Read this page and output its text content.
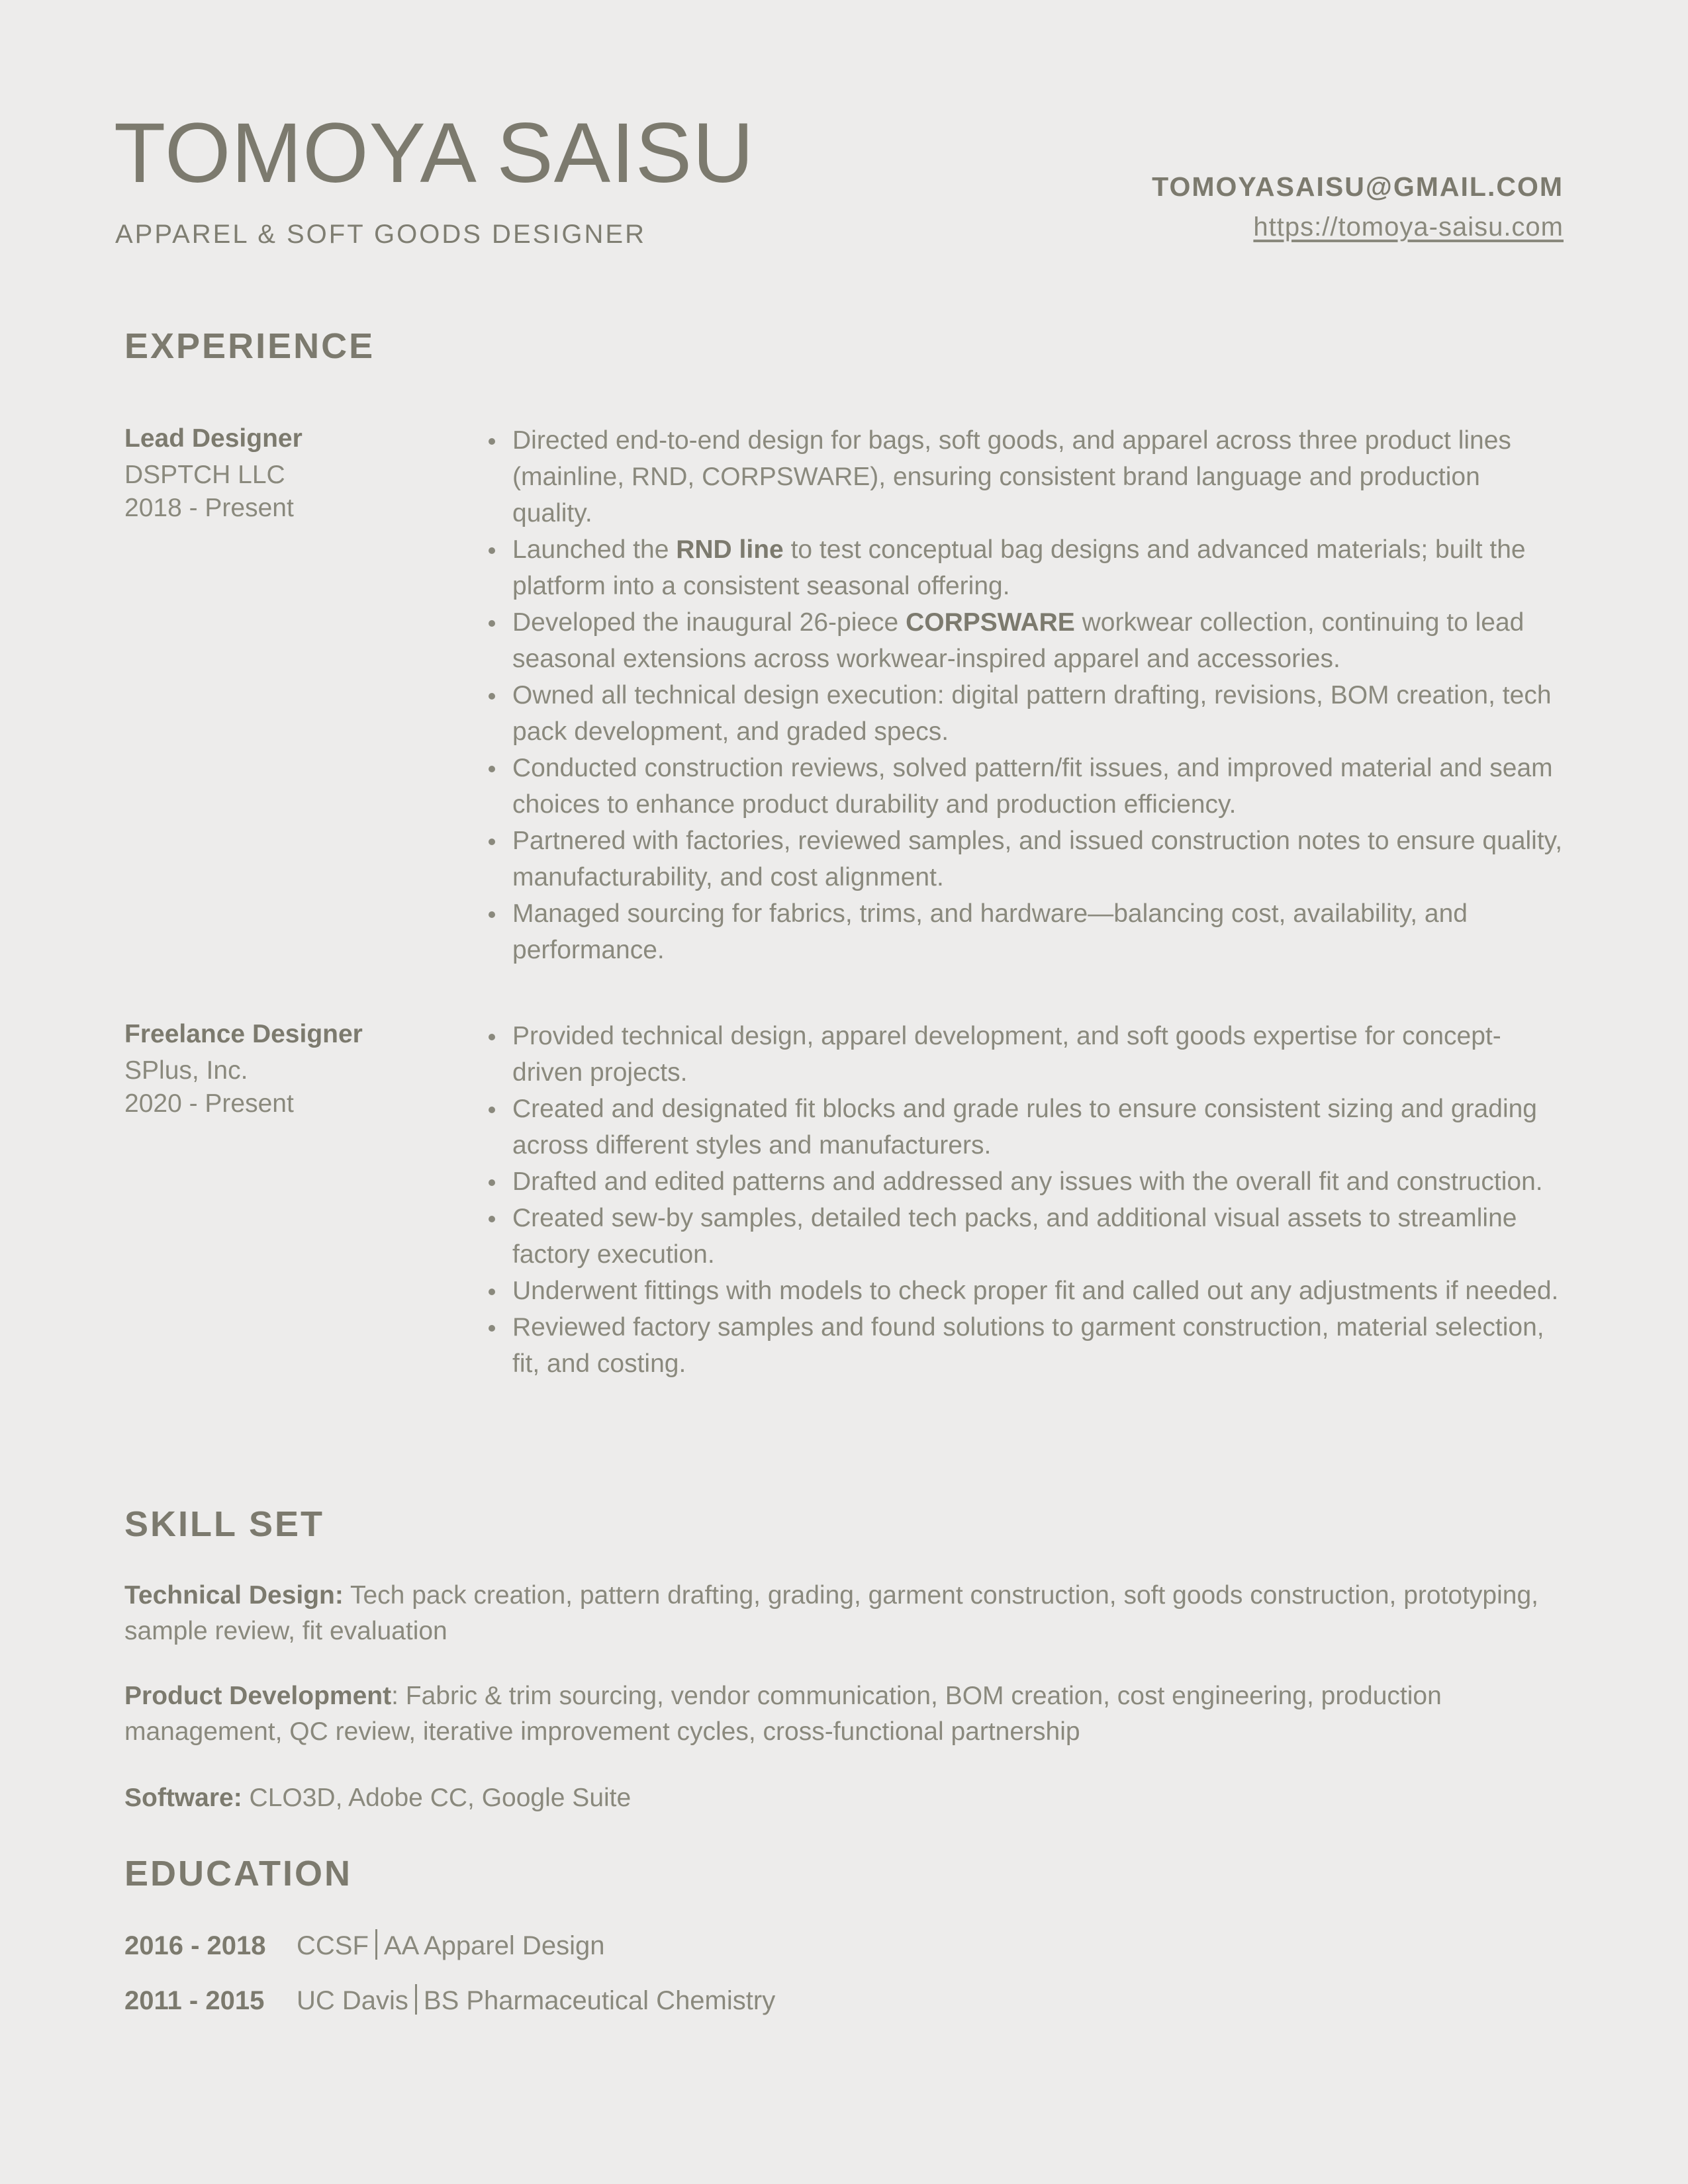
TOMOYA SAISU
APPAREL & SOFT GOODS DESIGNER
TOMOYASAISU@GMAIL.COM
https://tomoya-saisu.com
EXPERIENCE
Lead Designer
DSPTCH LLC
2018 - Present
Directed end-to-end design for bags, soft goods, and apparel across three product lines (mainline, RND, CORPSWARE), ensuring consistent brand language and production quality.
Launched the RND line to test conceptual bag designs and advanced materials; built the platform into a consistent seasonal offering.
Developed the inaugural 26-piece CORPSWARE workwear collection, continuing to lead seasonal extensions across workwear-inspired apparel and accessories.
Owned all technical design execution: digital pattern drafting, revisions, BOM creation, tech pack development, and graded specs.
Conducted construction reviews, solved pattern/fit issues, and improved material and seam choices to enhance product durability and production efficiency.
Partnered with factories, reviewed samples, and issued construction notes to ensure quality, manufacturability, and cost alignment.
Managed sourcing for fabrics, trims, and hardware—balancing cost, availability, and performance.
Freelance Designer
SPlus, Inc.
2020 - Present
Provided technical design, apparel development, and soft goods expertise for concept-driven projects.
Created and designated fit blocks and grade rules to ensure consistent sizing and grading across different styles and manufacturers.
Drafted and edited patterns and addressed any issues with the overall fit and construction.
Created sew-by samples, detailed tech packs, and additional visual assets to streamline factory execution.
Underwent fittings with models to check proper fit and called out any adjustments if needed.
Reviewed factory samples and found solutions to garment construction, material selection, fit, and costing.
SKILL SET
Technical Design: Tech pack creation, pattern drafting, grading, garment construction, soft goods construction, prototyping, sample review, fit evaluation
Product Development: Fabric & trim sourcing, vendor communication, BOM creation, cost engineering, production management, QC review, iterative improvement cycles, cross-functional partnership
Software: CLO3D, Adobe CC, Google Suite
EDUCATION
2016 - 2018 CCSF AA Apparel Design
2011 - 2015 UC Davis BS Pharmaceutical Chemistry
